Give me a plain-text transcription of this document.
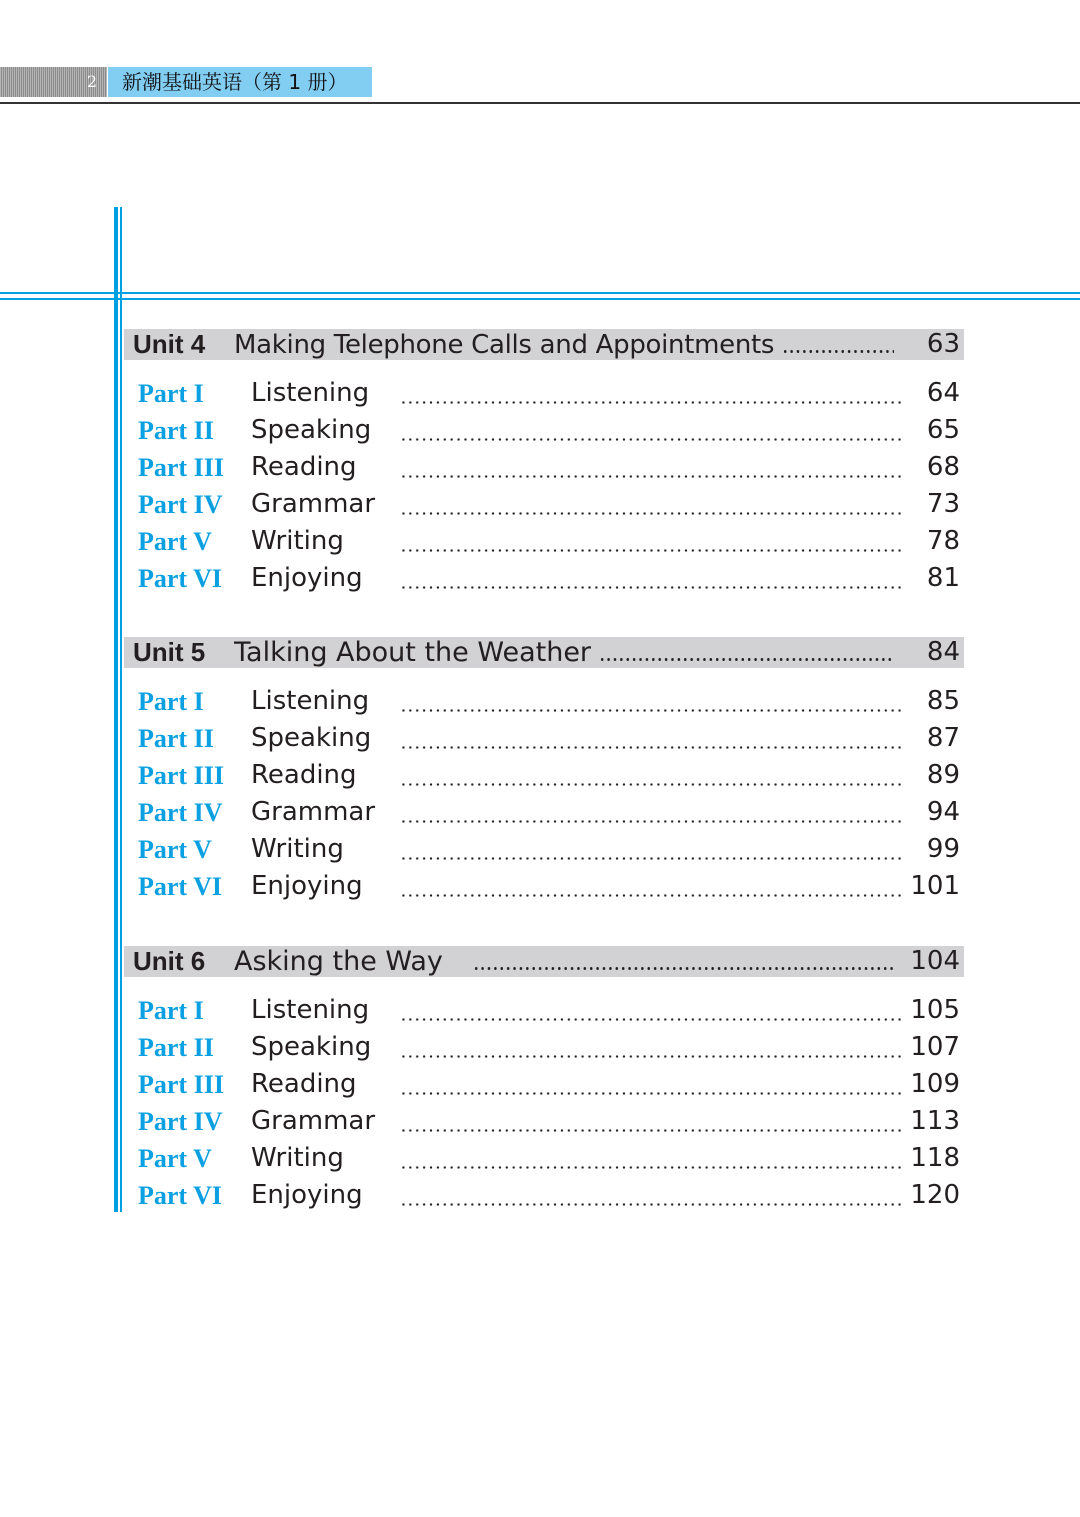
2	新潮基础英语（第 1 册）
Unit 4 Making Telephone Calls and Appointments	63
Part I Listening	64
Part II Speaking	65
Part III Reading	68
Part IV Grammar	73
Part V Writing	78
Part VI Enjoying	81
Unit 5 Talking About the Weather	84
Part I Listening	85
Part II Speaking	87
Part III Reading	89
Part IV Grammar	94
Part V Writing	99
Part VI Enjoying	101
Unit 6 Asking the Way	104
Part I Listening	105
Part II Speaking	107
Part III Reading	109
Part IV Grammar	113
Part V Writing	118
Part VI Enjoying	120
